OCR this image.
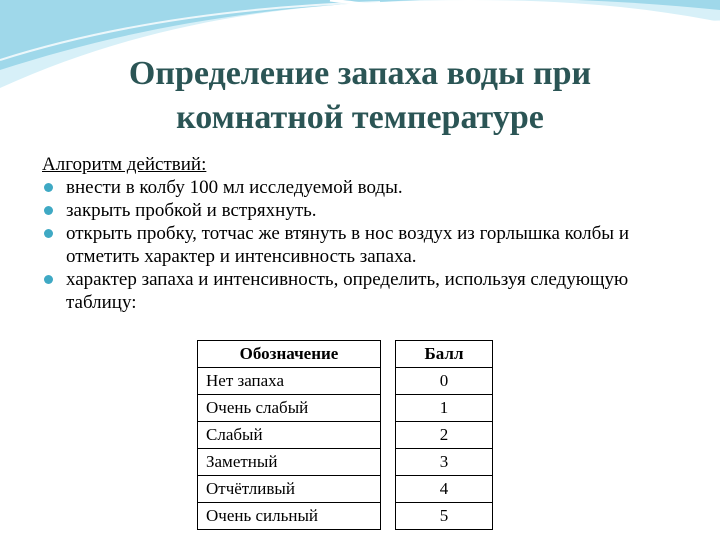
Определение запаха воды при
комнатной температуре
Алгоритм действий:
внести в колбу 100 мл исследуемой воды.
закрыть пробкой и встряхнуть.
открыть пробку, тотчас же втянуть в нос воздух из горлышка колбы и отметить характер и интенсивность запаха.
характер запаха и интенсивность, определить, используя следующую таблицу:
Обозначение		Балл
Нет запаха		0
Очень слабый		1
Слабый		2
Заметный		3
Отчётливый		4
Очень сильный		5
